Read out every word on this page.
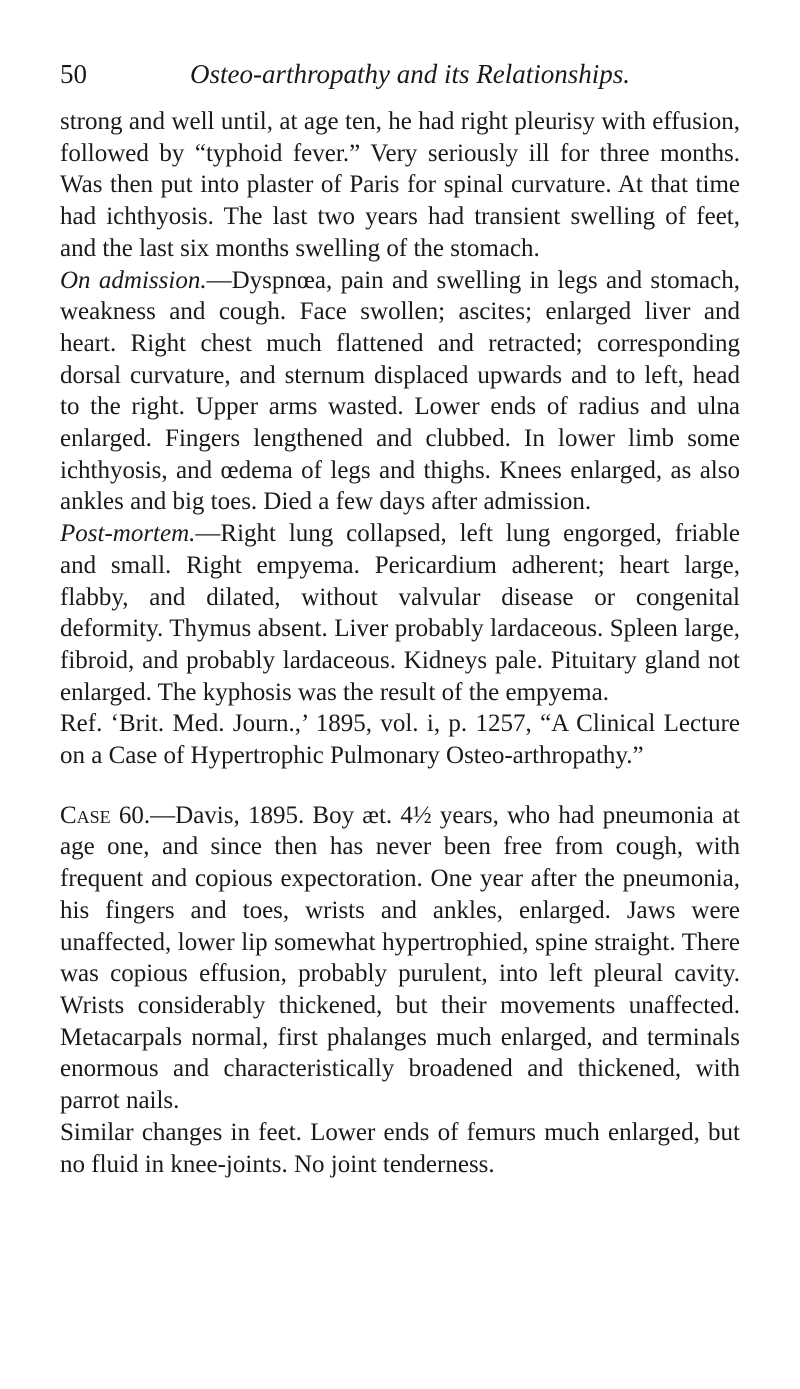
50	Osteo-arthropathy and its Relationships.

strong and well until, at age ten, he had right pleurisy with effusion, followed by “typhoid fever.” Very seriously ill for three months. Was then put into plaster of Paris for spinal curvature. At that time had ichthyosis. The last two years had transient swelling of feet, and the last six months swelling of the stomach.

On admission.—Dyspnœa, pain and swelling in legs and stomach, weakness and cough. Face swollen; ascites; enlarged liver and heart. Right chest much flattened and retracted; corresponding dorsal curvature, and sternum displaced upwards and to left, head to the right. Upper arms wasted. Lower ends of radius and ulna enlarged. Fingers lengthened and clubbed. In lower limb some ichthyosis, and œdema of legs and thighs. Knees enlarged, as also ankles and big toes. Died a few days after admission.

Post-mortem.—Right lung collapsed, left lung engorged, friable and small. Right empyema. Pericardium adherent; heart large, flabby, and dilated, without valvular disease or congenital deformity. Thymus absent. Liver probably lardaceous. Spleen large, fibroid, and probably lardaceous. Kidneys pale. Pituitary gland not enlarged. The kyphosis was the result of the empyema.

Ref. ‘Brit. Med. Journ.,’ 1895, vol. i, p. 1257, “A Clinical Lecture on a Case of Hypertrophic Pulmonary Osteo-arthropathy.”

Case 60.—Davis, 1895. Boy æt. 4½ years, who had pneumonia at age one, and since then has never been free from cough, with frequent and copious expectoration. One year after the pneumonia, his fingers and toes, wrists and ankles, enlarged. Jaws were unaffected, lower lip somewhat hypertrophied, spine straight. There was copious effusion, probably purulent, into left pleural cavity. Wrists considerably thickened, but their movements unaffected. Metacarpals normal, first phalanges much enlarged, and terminals enormous and characteristically broadened and thickened, with parrot nails.

Similar changes in feet. Lower ends of femurs much enlarged, but no fluid in knee-joints. No joint tenderness.
